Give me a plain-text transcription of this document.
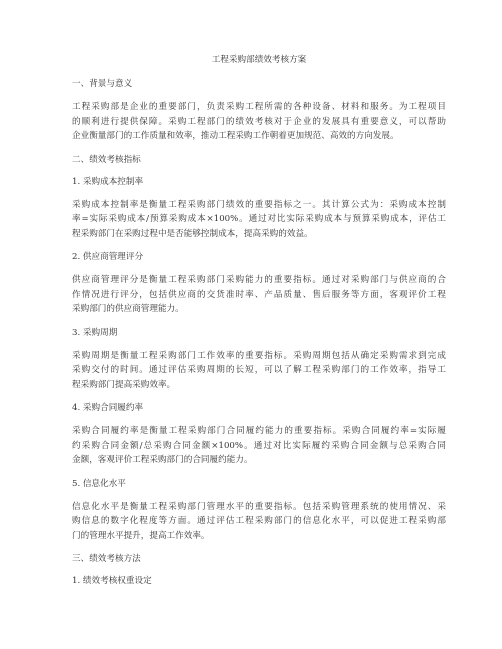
工程采购部绩效考核方案
一、背景与意义
工程采购部是企业的重要部门，负责采购工程所需的各种设备、材料和服务。为工程项目
的顺利进行提供保障。采购工程部门的绩效考核对于企业的发展具有重要意义，可以帮助
企业衡量部门的工作质量和效率，推动工程采购工作朝着更加规范、高效的方向发展。
二、绩效考核指标
1. 采购成本控制率
采购成本控制率是衡量工程采购部门绩效的重要指标之一。其计算公式为：采购成本控制
率=实际采购成本/预算采购成本×100%。通过对比实际采购成本与预算采购成本，评估工
程采购部门在采购过程中是否能够控制成本，提高采购的效益。
2. 供应商管理评分
供应商管理评分是衡量工程采购部门采购能力的重要指标。通过对采购部门与供应商的合
作情况进行评分，包括供应商的交货准时率、产品质量、售后服务等方面，客观评价工程
采购部门的供应商管理能力。
3. 采购周期
采购周期是衡量工程采购部门工作效率的重要指标。采购周期包括从确定采购需求到完成
采购交付的时间。通过评估采购周期的长短，可以了解工程采购部门的工作效率，指导工
程采购部门提高采购效率。
4. 采购合同履约率
采购合同履约率是衡量工程采购部门合同履约能力的重要指标。采购合同履约率=实际履
约采购合同金额/总采购合同金额×100%。通过对比实际履约采购合同金额与总采购合同
金额，客观评价工程采购部门的合同履约能力。
5. 信息化水平
信息化水平是衡量工程采购部门管理水平的重要指标。包括采购管理系统的使用情况、采
购信息的数字化程度等方面。通过评估工程采购部门的信息化水平，可以促进工程采购部
门的管理水平提升，提高工作效率。
三、绩效考核方法
1. 绩效考核权重设定
